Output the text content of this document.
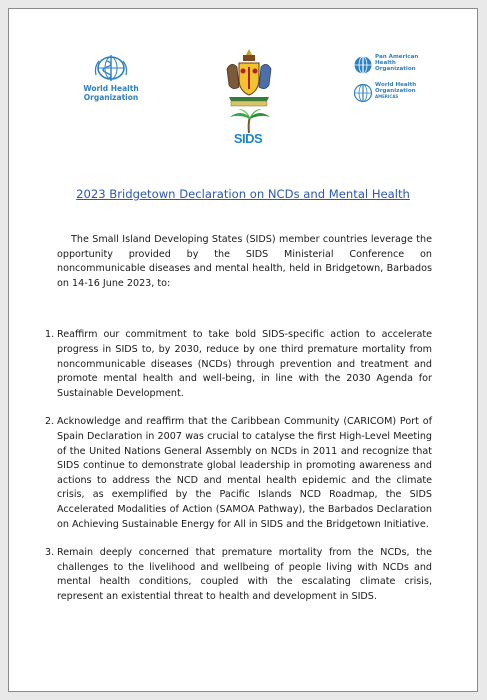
World Health
Organization
SIDS

Pan American
Health
Organization
World Health
Organization
AMERICAS
2023 Bridgetown Declaration on NCDs and Mental Health

The Small Island Developing States (SIDS) member countries leverage the opportunity provided by the SIDS Ministerial Conference on noncommunicable diseases and mental health, held in Bridgetown, Barbados on 14-16 June 2023, to:

1. Reaffirm our commitment to take bold SIDS-specific action to accelerate progress in SIDS to, by 2030, reduce by one third premature mortality from noncommunicable diseases (NCDs) through prevention and treatment and promote mental health and well-being, in line with the 2030 Agenda for Sustainable Development.
2. Acknowledge and reaffirm that the Caribbean Community (CARICOM) Port of Spain Declaration in 2007 was crucial to catalyse the first High-Level Meeting of the United Nations General Assembly on NCDs in 2011 and recognize that SIDS continue to demonstrate global leadership in promoting awareness and actions to address the NCD and mental health epidemic and the climate crisis, as exemplified by the Pacific Islands NCD Roadmap, the SIDS Accelerated Modalities of Action (SAMOA Pathway), the Barbados Declaration on Achieving Sustainable Energy for All in SIDS and the Bridgetown Initiative.
3. Remain deeply concerned that premature mortality from the NCDs, the challenges to the livelihood and wellbeing of people living with NCDs and mental health conditions, coupled with the escalating climate crisis, represent an existential threat to health and development in SIDS.
